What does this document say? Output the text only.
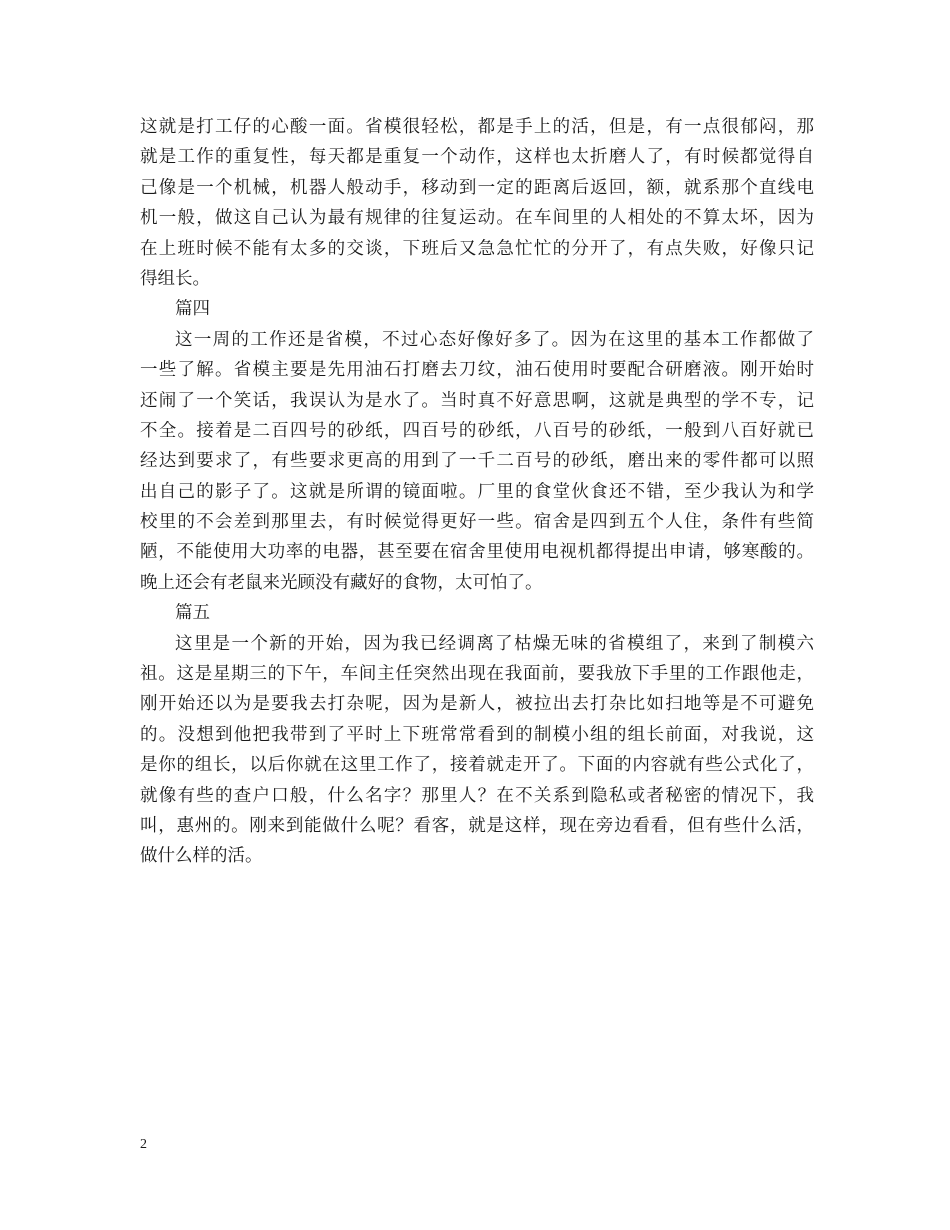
这就是打工仔的心酸一面。省模很轻松，都是手上的活，但是，有一点很郁闷，那
就是工作的重复性，每天都是重复一个动作，这样也太折磨人了，有时候都觉得自
己像是一个机械，机器人般动手，移动到一定的距离后返回，额，就系那个直线电
机一般，做这自己认为最有规律的往复运动。在车间里的人相处的不算太坏，因为
在上班时候不能有太多的交谈，下班后又急急忙忙的分开了，有点失败，好像只记
得组长。
篇四
这一周的工作还是省模，不过心态好像好多了。因为在这里的基本工作都做了
一些了解。省模主要是先用油石打磨去刀纹，油石使用时要配合研磨液。刚开始时
还闹了一个笑话，我误认为是水了。当时真不好意思啊，这就是典型的学不专，记
不全。接着是二百四号的砂纸，四百号的砂纸，八百号的砂纸，一般到八百好就已
经达到要求了，有些要求更高的用到了一千二百号的砂纸，磨出来的零件都可以照
出自己的影子了。这就是所谓的镜面啦。厂里的食堂伙食还不错，至少我认为和学
校里的不会差到那里去，有时候觉得更好一些。宿舍是四到五个人住，条件有些简
陋，不能使用大功率的电器，甚至要在宿舍里使用电视机都得提出申请，够寒酸的。
晚上还会有老鼠来光顾没有藏好的食物，太可怕了。
篇五
这里是一个新的开始，因为我已经调离了枯燥无味的省模组了，来到了制模六
祖。这是星期三的下午，车间主任突然出现在我面前，要我放下手里的工作跟他走，
刚开始还以为是要我去打杂呢，因为是新人，被拉出去打杂比如扫地等是不可避免
的。没想到他把我带到了平时上下班常常看到的制模小组的组长前面，对我说，这
是你的组长，以后你就在这里工作了，接着就走开了。下面的内容就有些公式化了，
就像有些的查户口般，什么名字？那里人？在不关系到隐私或者秘密的情况下，我
叫，惠州的。刚来到能做什么呢？看客，就是这样，现在旁边看看，但有些什么活，
做什么样的活。
2
